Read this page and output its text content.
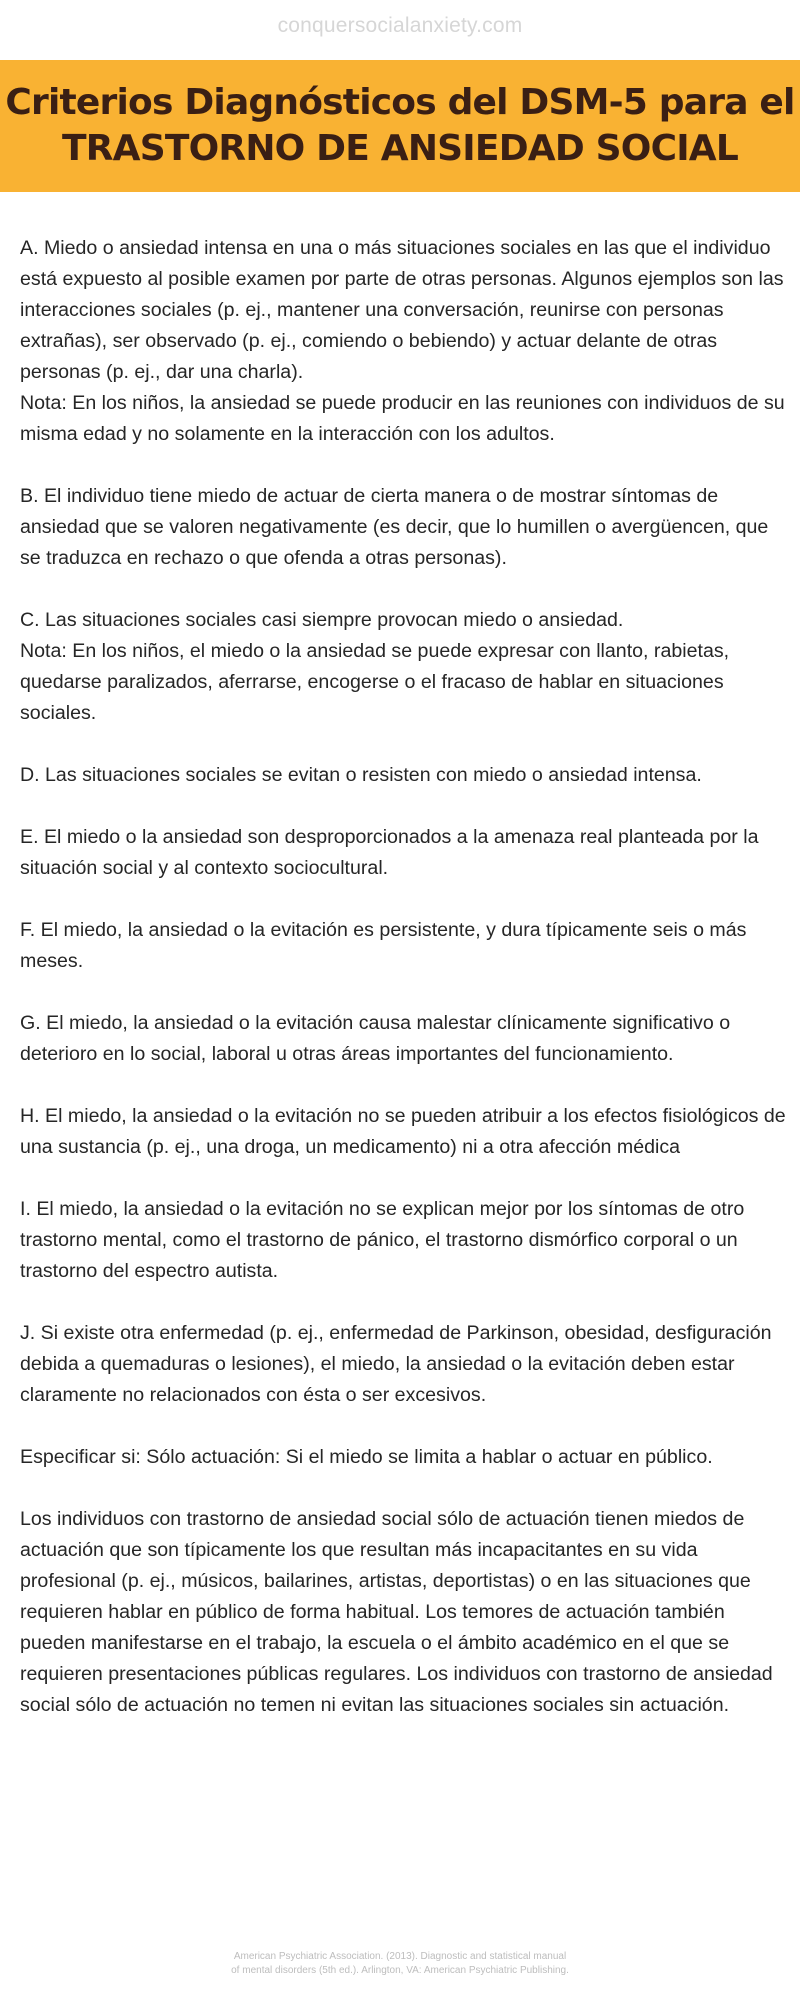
conquersocialanxiety.com
Criterios Diagnósticos del DSM-5 para el
TRASTORNO DE ANSIEDAD SOCIAL

A. Miedo o ansiedad intensa en una o más situaciones sociales en las que el individuo está expuesto al posible examen por parte de otras personas. Algunos ejemplos son las interacciones sociales (p. ej., mantener una conversación, reunirse con personas extrañas), ser observado (p. ej., comiendo o bebiendo) y actuar delante de otras personas (p. ej., dar una charla).
Nota: En los niños, la ansiedad se puede producir en las reuniones con individuos de su misma edad y no solamente en la interacción con los adultos.

B. El individuo tiene miedo de actuar de cierta manera o de mostrar síntomas de ansiedad que se valoren negativamente (es decir, que lo humillen o avergüencen, que se traduzca en rechazo o que ofenda a otras personas).

C. Las situaciones sociales casi siempre provocan miedo o ansiedad.
Nota: En los niños, el miedo o la ansiedad se puede expresar con llanto, rabietas, quedarse paralizados, aferrarse, encogerse o el fracaso de hablar en situaciones sociales.

D. Las situaciones sociales se evitan o resisten con miedo o ansiedad intensa.

E. El miedo o la ansiedad son desproporcionados a la amenaza real planteada por la situación social y al contexto sociocultural.

F. El miedo, la ansiedad o la evitación es persistente, y dura típicamente seis o más meses.

G. El miedo, la ansiedad o la evitación causa malestar clínicamente significativo o deterioro en lo social, laboral u otras áreas importantes del funcionamiento.

H. El miedo, la ansiedad o la evitación no se pueden atribuir a los efectos fisiológicos de una sustancia (p. ej., una droga, un medicamento) ni a otra afección médica

I. El miedo, la ansiedad o la evitación no se explican mejor por los síntomas de otro trastorno mental, como el trastorno de pánico, el trastorno dismórfico corporal o un trastorno del espectro autista.

J. Si existe otra enfermedad (p. ej., enfermedad de Parkinson, obesidad, desfiguración debida a quemaduras o lesiones), el miedo, la ansiedad o la evitación deben estar claramente no relacionados con ésta o ser excesivos.

Especificar si: Sólo actuación: Si el miedo se limita a hablar o actuar en público.

Los individuos con trastorno de ansiedad social sólo de actuación tienen miedos de actuación que son típicamente los que resultan más incapacitantes en su vida profesional (p. ej., músicos, bailarines, artistas, deportistas) o en las situaciones que requieren hablar en público de forma habitual. Los temores de actuación también pueden manifestarse en el trabajo, la escuela o el ámbito académico en el que se requieren presentaciones públicas regulares. Los individuos con trastorno de ansiedad social sólo de actuación no temen ni evitan las situaciones sociales sin actuación.

American Psychiatric Association. (2013). Diagnostic and statistical manual
of mental disorders (5th ed.). Arlington, VA: American Psychiatric Publishing.
